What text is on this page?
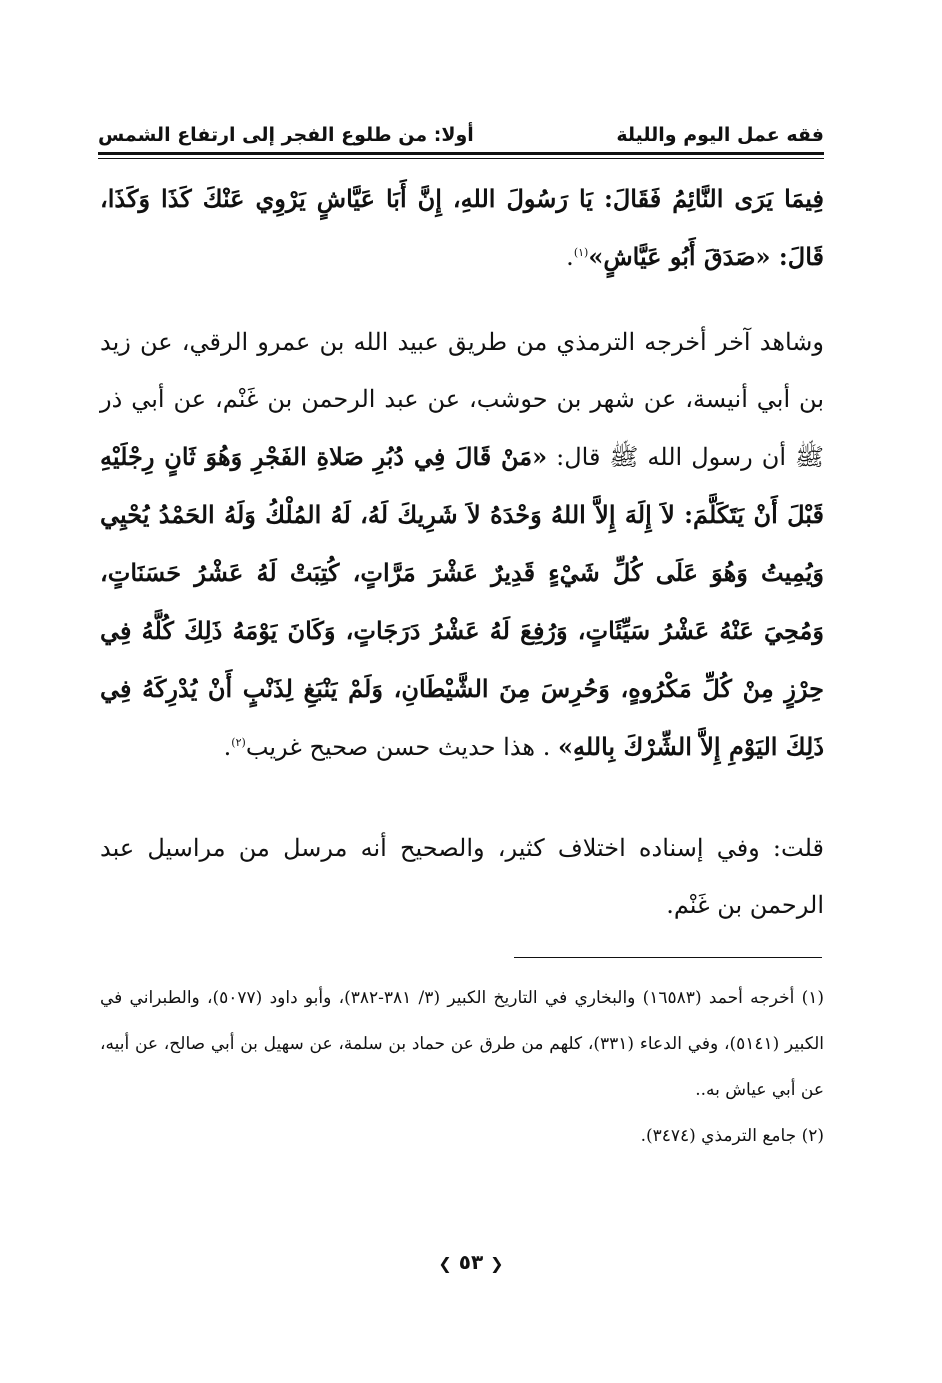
فقه عمل اليوم والليلة
أولا: من طلوع الفجر إلى ارتفاع الشمس

فِيمَا يَرَى النَّائِمُ فَقَالَ: يَا رَسُولَ اللهِ، إِنَّ أَبَا عَيَّاشٍ يَرْوِي عَنْكَ كَذَا وَكَذَا، قَالَ: «صَدَقَ أَبُو عَيَّاشٍ»$^{(١)}$.

وشاهد آخر أخرجه الترمذي من طريق عبيد الله بن عمرو الرقي، عن زيد بن أبي أنيسة، عن شهر بن حوشب، عن عبد الرحمن بن غَنْم، عن أبي ذر ﷺ أن رسول الله ﷺ قال: «مَنْ قَالَ فِي دُبُرِ صَلاةِ الفَجْرِ وَهُوَ ثَانٍ رِجْلَيْهِ قَبْلَ أَنْ يَتَكَلَّمَ: لاَ إِلَهَ إِلاَّ اللهُ وَحْدَهُ لاَ شَرِيكَ لَهُ، لَهُ المُلْكُ وَلَهُ الحَمْدُ يُحْيِي وَيُمِيتُ وَهُوَ عَلَى كُلِّ شَيْءٍ قَدِيرٌ عَشْرَ مَرَّاتٍ، كُتِبَتْ لَهُ عَشْرُ حَسَنَاتٍ، وَمُحِيَ عَنْهُ عَشْرُ سَيِّئَاتٍ، وَرُفِعَ لَهُ عَشْرُ دَرَجَاتٍ، وَكَانَ يَوْمَهُ ذَلِكَ كُلَّهُ فِي حِرْزٍ مِنْ كُلِّ مَكْرُوهٍ، وَحُرِسَ مِنَ الشَّيْطَانِ، وَلَمْ يَنْبَغِ لِذَنْبٍ أَنْ يُدْرِكَهُ فِي ذَلِكَ اليَوْمِ إِلاَّ الشِّرْكَ بِاللهِ» . هذا حديث حسن صحيح غريب$^{(٢)}$.

قلت: وفي إسناده اختلاف كثير، والصحيح أنه مرسل من مراسيل عبد الرحمن بن غَنْم.

(١) أخرجه أحمد (١٦٥٨٣) والبخاري في التاريخ الكبير (٣/ ٣٨١-٣٨٢)، وأبو داود (٥٠٧٧)، والطبراني في الكبير (٥١٤١)، وفي الدعاء (٣٣١)، كلهم من طرق عن حماد بن سلمة، عن سهيل بن أبي صالح، عن أبيه، عن أبي عياش به..

(٢) جامع الترمذي (٣٤٧٤).

❮ ٥٣ ❯
